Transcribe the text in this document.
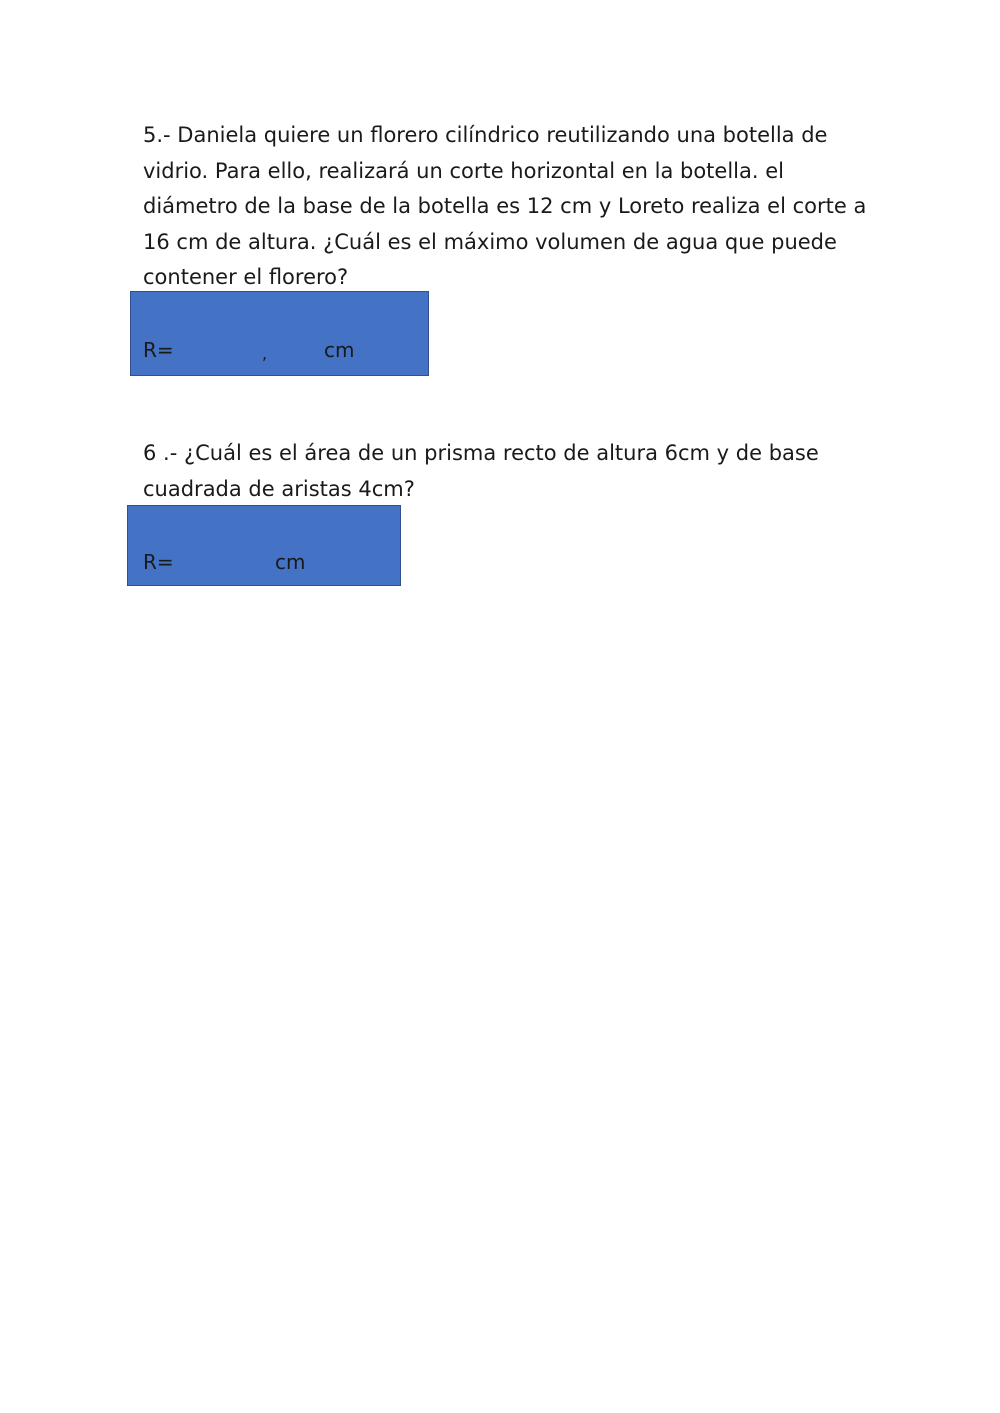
5.- Daniela quiere un florero cilíndrico reutilizando una botella de vidrio. Para ello, realizará un corte horizontal en la botella. el diámetro de la base de la botella es 12 cm y Loreto realiza el corte a 16 cm de altura. ¿Cuál es el máximo volumen de agua que puede contener el florero?

R=	,	cm

6 .- ¿Cuál es el área de un prisma recto de altura 6cm y de base cuadrada de aristas 4cm?

R=	cm
